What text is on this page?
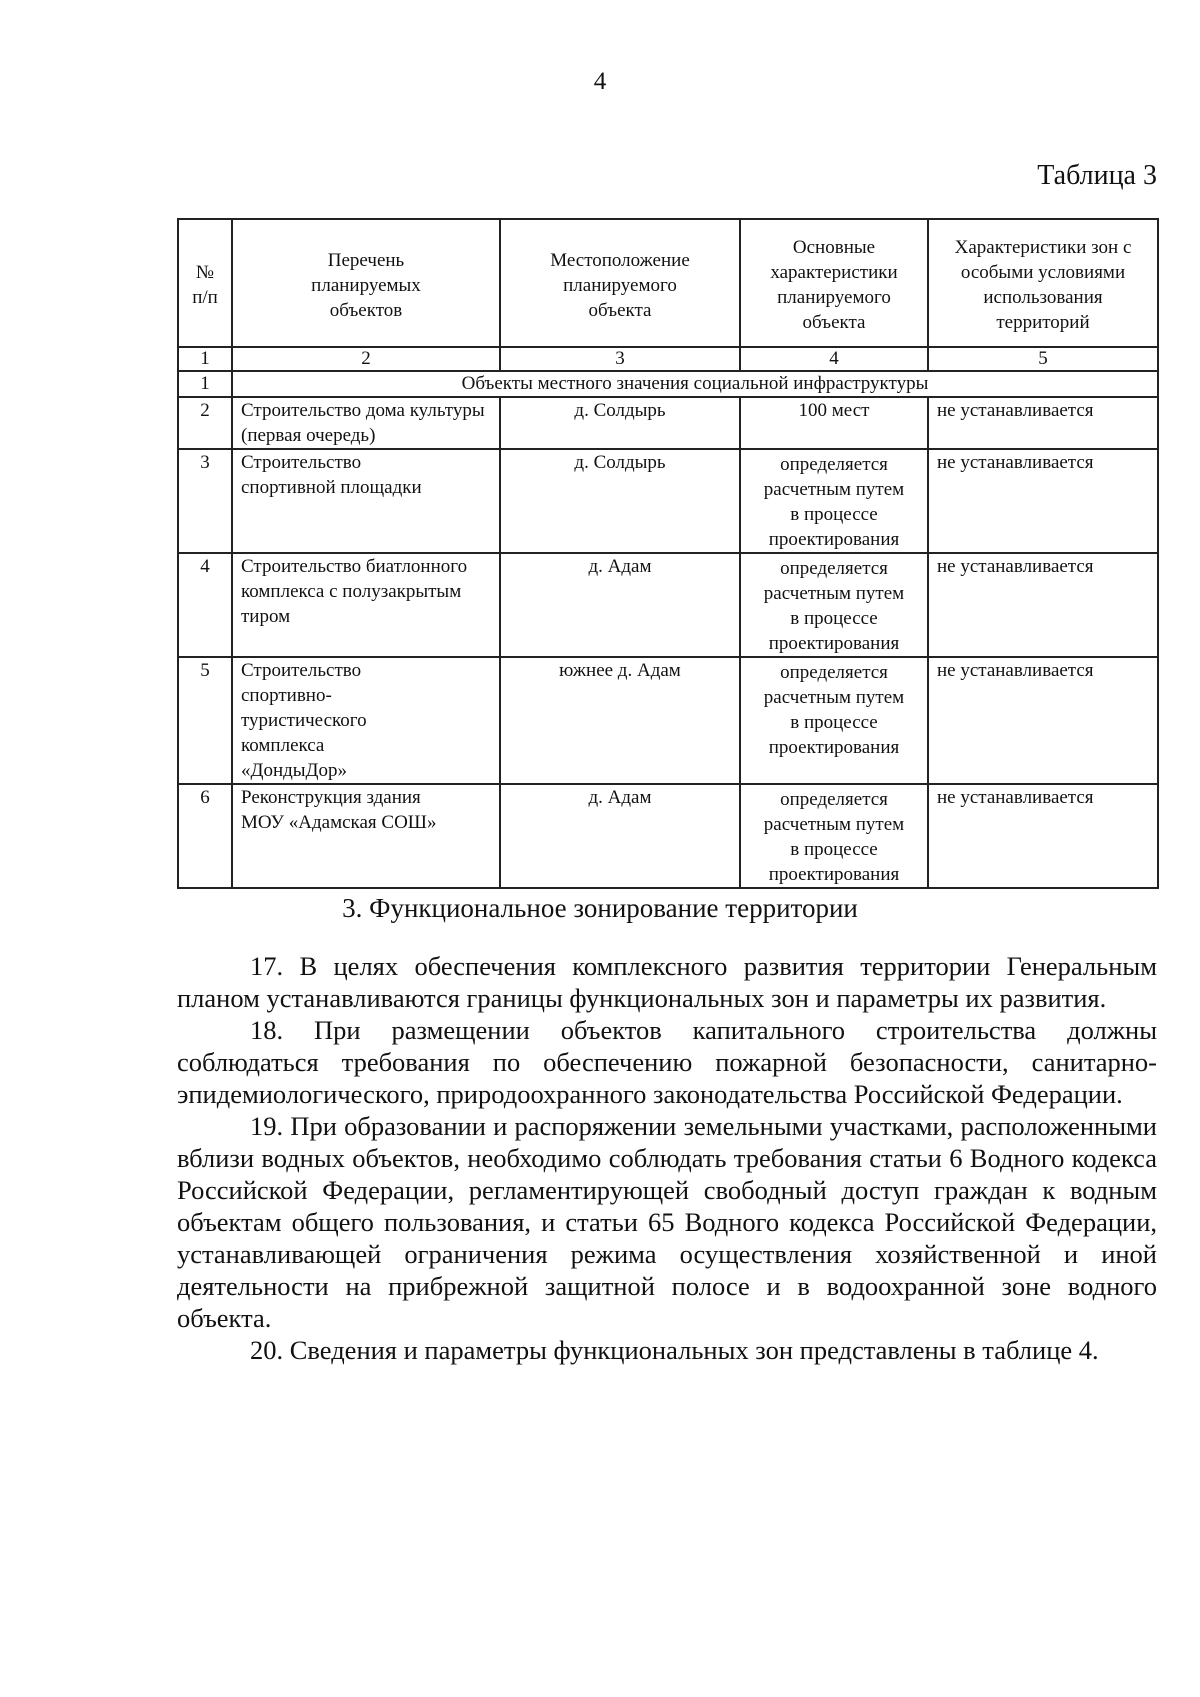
4
Таблица 3
№
п/п	Перечень планируемых объектов	Местоположение планируемого объекта	Основные характеристики планируемого объекта	Характеристики зон с особыми условиями использования территорий
1	2	3	4	5
1	Объекты местного значения социальной инфраструктуры			
2	Строительство дома культуры (первая очередь)	д. Солдырь	100 мест	не устанавливается
3	Строительство спортивной площадки	д. Солдырь	определяется расчетным путем в процессе проектирования	не устанавливается
4	Строительство биатлонного комплекса с полузакрытым тиром	д. Адам	определяется расчетным путем в процессе проектирования	не устанавливается
5	Строительство спортивно-туристического комплекса «ДондыДор»	южнее д. Адам	определяется расчетным путем в процессе проектирования	не устанавливается
6	Реконструкция здания МОУ «Адамская СОШ»	д. Адам	определяется расчетным путем в процессе проектирования	не устанавливается
3. Функциональное зонирование территории

17. В целях обеспечения комплексного развития территории Генеральным планом устанавливаются границы функциональных зон и параметры их развития.

18. При размещении объектов капитального строительства должны соблюдаться требования по обеспечению пожарной безопасности, санитарно-эпидемиологического, природоохранного законодательства Российской Федерации.

19. При образовании и распоряжении земельными участками, расположенными вблизи водных объектов, необходимо соблюдать требования статьи 6 Водного кодекса Российской Федерации, регламентирующей свободный доступ граждан к водным объектам общего пользования, и статьи 65 Водного кодекса Российской Федерации, устанавливающей ограничения режима осуществления хозяйственной и иной деятельности на прибрежной защитной полосе и в водоохранной зоне водного объекта.

20. Сведения и параметры функциональных зон представлены в таблице 4.
